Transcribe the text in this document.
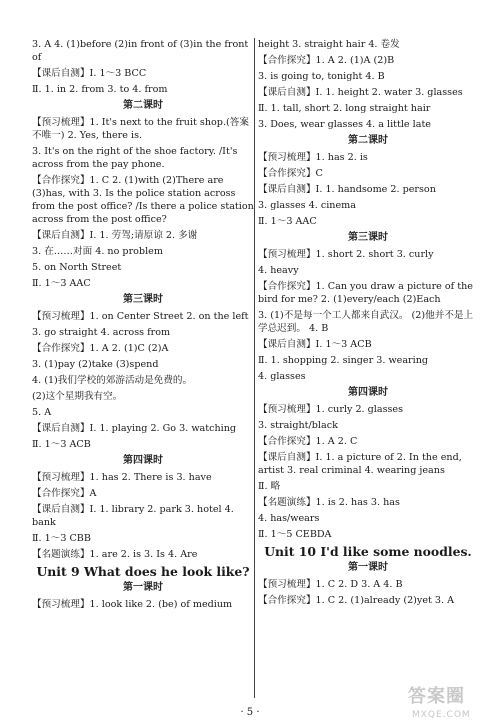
3. A 4. (1)before (2)in front of (3)in the front of
【课后自测】Ⅰ. 1～3 BCC
Ⅱ. 1. in 2. from 3. to 4. from
第二课时
【预习梳理】1. It's next to the fruit shop.(答案不唯一) 2. Yes, there is.
3. It's on the right of the shoe factory. /It's across from the pay phone.
【合作探究】1. C 2. (1)with (2)There are (3)has, with 3. Is the police station across from the post office? /Is there a police station across from the post office?
【课后自测】Ⅰ. 1. 劳驾;请原谅 2. 多谢
3. 在……对面 4. no problem
5. on North Street
Ⅱ. 1～3 AAC
第三课时
【预习梳理】1. on Center Street 2. on the left
3. go straight 4. across from
【合作探究】1. A 2. (1)C (2)A
3. (1)pay (2)take (3)spend
4. (1)我们学校的郊游活动是免费的。
(2)这个星期我有空。
5. A
【课后自测】Ⅰ. 1. playing 2. Go 3. watching
Ⅱ. 1～3 ACB
第四课时
【预习梳理】1. has 2. There is 3. have
【合作探究】A
【课后自测】Ⅰ. 1. library 2. park 3. hotel 4. bank
Ⅱ. 1～3 CBB
【名题演练】1. are 2. is 3. Is 4. Are
Unit 9 What does he look like?
第一课时
【预习梳理】1. look like 2. (be) of medium
height 3. straight hair 4. 卷发
【合作探究】1. A 2. (1)A (2)B
3. is going to, tonight 4. B
【课后自测】Ⅰ. 1. height 2. water 3. glasses
Ⅱ. 1. tall, short 2. long straight hair
3. Does, wear glasses 4. a little late
第二课时
【预习梳理】1. has 2. is
【合作探究】C
【课后自测】Ⅰ. 1. handsome 2. person
3. glasses 4. cinema
Ⅱ. 1～3 AAC
第三课时
【预习梳理】1. short 2. short 3. curly
4. heavy
【合作探究】1. Can you draw a picture of the bird for me? 2. (1)every/each (2)Each
3. (1)不是每一个工人都来自武汉。 (2)他并不是上学总迟到。 4. B
【课后自测】Ⅰ. 1～3 ACB
Ⅱ. 1. shopping 2. singer 3. wearing
4. glasses
第四课时
【预习梳理】1. curly 2. glasses
3. straight/black
【合作探究】1. A 2. C
【课后自测】Ⅰ. 1. a picture of 2. In the end, artist 3. real criminal 4. wearing jeans
Ⅱ. 略
【名题演练】1. is 2. has 3. has
4. has/wears
Ⅱ. 1～5 CEBDA
Unit 10 I'd like some noodles.
第一课时
【预习梳理】1. C 2. D 3. A 4. B
【合作探究】1. C 2. (1)already (2)yet 3. A
· 5 ·
答案圈
MXQE.COM
